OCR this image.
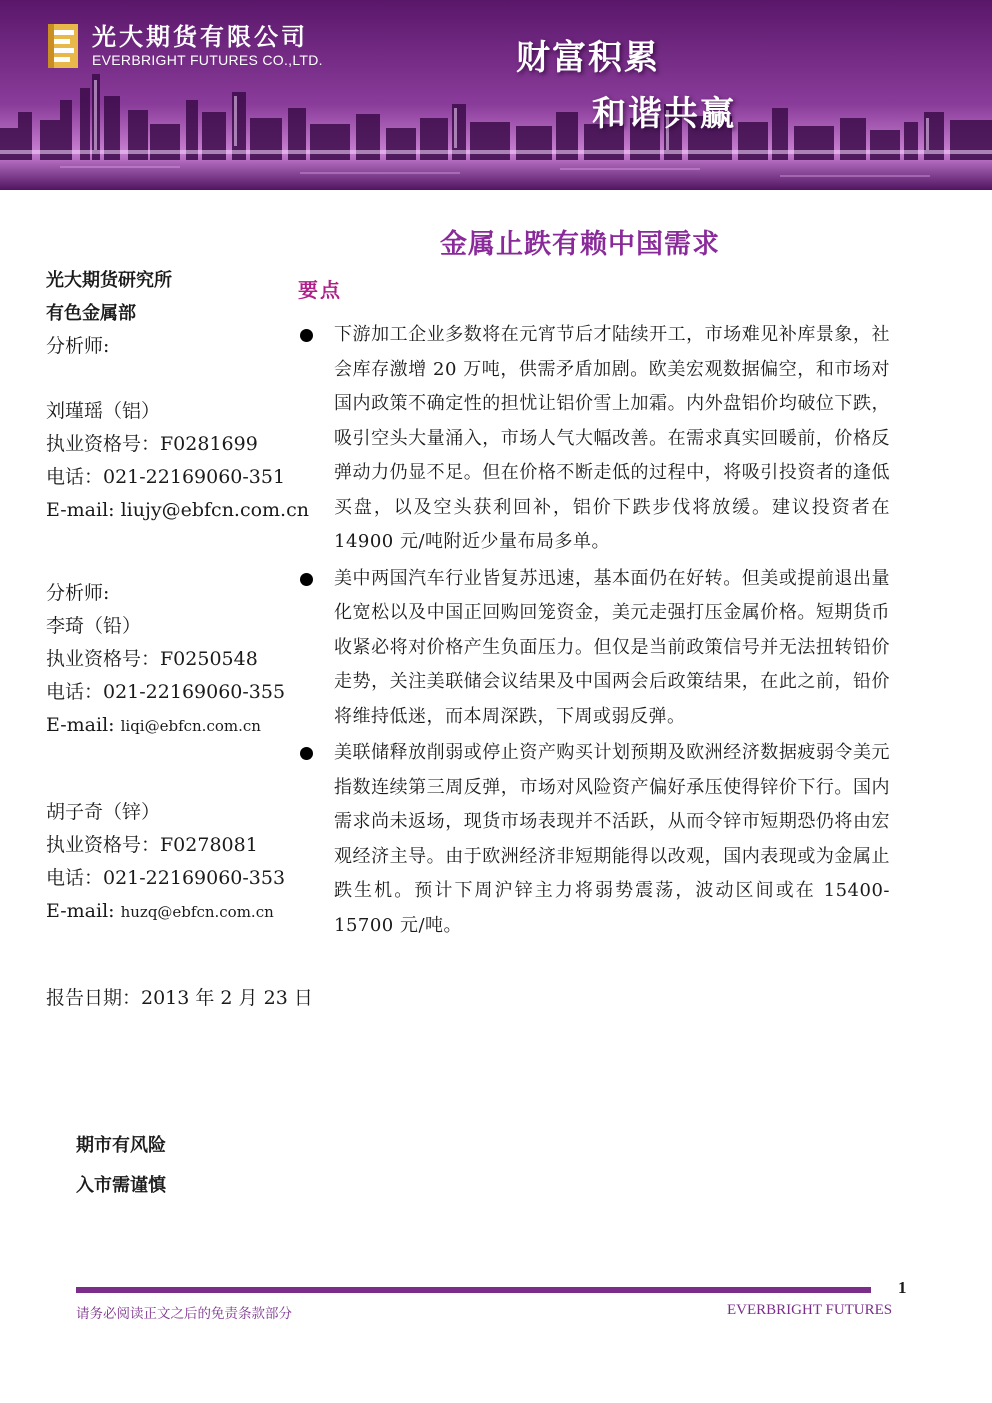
光大期货有限公司
EVERBRIGHT FUTURES CO.,LTD.	财富积累
和谐共赢
金属止跌有赖中国需求
光大期货研究所
有色金属部
分析师:
刘瑾瑶（铝）
执业资格号：F0281699
电话：021-22169060-351
E-mail: liujy@ebfcn.com.cn
分析师:
李琦（铅）
执业资格号：F0250548
电话：021-22169060-355
E-mail: liqi@ebfcn.com.cn
胡子奇（锌）
执业资格号：F0278081
电话：021-22169060-353
E-mail: huzq@ebfcn.com.cn
报告日期：2013 年 2 月 23 日
期市有风险
入市需谨慎
要点
下游加工企业多数将在元宵节后才陆续开工，市场难见补库景象，社会库存激增 20 万吨，供需矛盾加剧。欧美宏观数据偏空，和市场对国内政策不确定性的担忧让铝价雪上加霜。内外盘铝价均破位下跌，吸引空头大量涌入，市场人气大幅改善。在需求真实回暖前，价格反弹动力仍显不足。但在价格不断走低的过程中，将吸引投资者的逢低买盘，以及空头获利回补，铝价下跌步伐将放缓。建议投资者在 14900 元/吨附近少量布局多单。
美中两国汽车行业皆复苏迅速，基本面仍在好转。但美或提前退出量化宽松以及中国正回购回笼资金，美元走强打压金属价格。短期货币收紧必将对价格产生负面压力。但仅是当前政策信号并无法扭转铅价走势，关注美联储会议结果及中国两会后政策结果，在此之前，铅价将维持低迷，而本周深跌，下周或弱反弹。
美联储释放削弱或停止资产购买计划预期及欧洲经济数据疲弱令美元指数连续第三周反弹，市场对风险资产偏好承压使得锌价下行。国内需求尚未返场，现货市场表现并不活跃，从而令锌市短期恐仍将由宏观经济主导。由于欧洲经济非短期能得以改观，国内表现或为金属止跌生机。预计下周沪锌主力将弱势震荡，波动区间或在 15400-15700 元/吨。
1
请务必阅读正文之后的免责条款部分	EVERBRIGHT FUTURES
